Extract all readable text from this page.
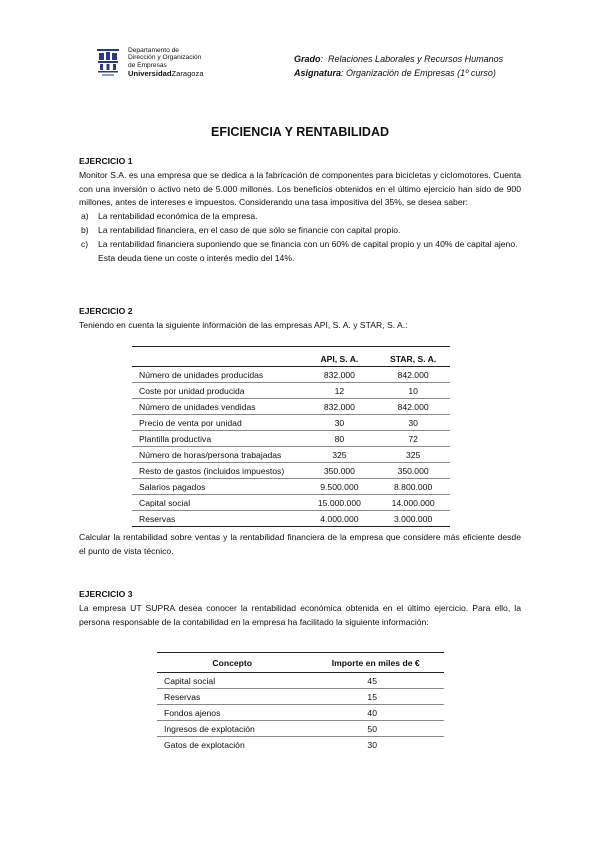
Departamento de
Dirección y Organización
de Empresas
UniversidadZaragoza
Grado:  Relaciones Laborales y Recursos Humanos
Asignatura: Organización de Empresas (1º curso)
EFICIENCIA Y RENTABILIDAD
EJERCICIO 1
Monitor S.A. es una empresa que se dedica a la fabricación de componentes para bicicletas y ciclomotores. Cuenta con una inversión o activo neto de 5.000 millones. Los beneficios obtenidos en el último ejercicio han sido de 900 millones, antes de intereses e impuestos. Considerando una tasa impositiva del 35%, se desea saber:
a) La rentabilidad económica de la empresa.
b) La rentabilidad financiera, en el caso de que sólo se financie con capital propio.
c) La rentabilidad financiera suponiendo que se financia con un 60% de capital propio y un 40% de capital ajeno. Esta deuda tiene un coste o interés medio del 14%.
EJERCICIO 2
Teniendo en cuenta la siguiente información de las empresas API, S. A. y STAR, S. A.:

	API, S. A.	STAR, S. A.
Número de unidades producidas	832.000	842.000
Coste por unidad producida	12	10
Número de unidades vendidas	832.000	842.000
Precio de venta por unidad	30	30
Plantilla productiva	80	72
Número de horas/persona trabajadas	325	325
Resto de gastos (incluidos impuestos)	350.000	350.000
Salarios pagados	9.500.000	8.800.000
Capital social	15.000.000	14.000.000
Reservas	4.000.000	3.000.000
Calcular la rentabilidad sobre ventas y la rentabilidad financiera de la empresa que considere más eficiente desde el punto de vista técnico.
EJERCICIO 3
La empresa UT SUPRA desea conocer la rentabilidad económica obtenida en el último ejercicio. Para ello, la persona responsable de la contabilidad en la empresa ha facilitado la siguiente información:
Concepto	Importe en miles de €
Capital social	45
Reservas	15
Fondos ajenos	40
Ingresos de explotación	50
Gatos de explotación	30
